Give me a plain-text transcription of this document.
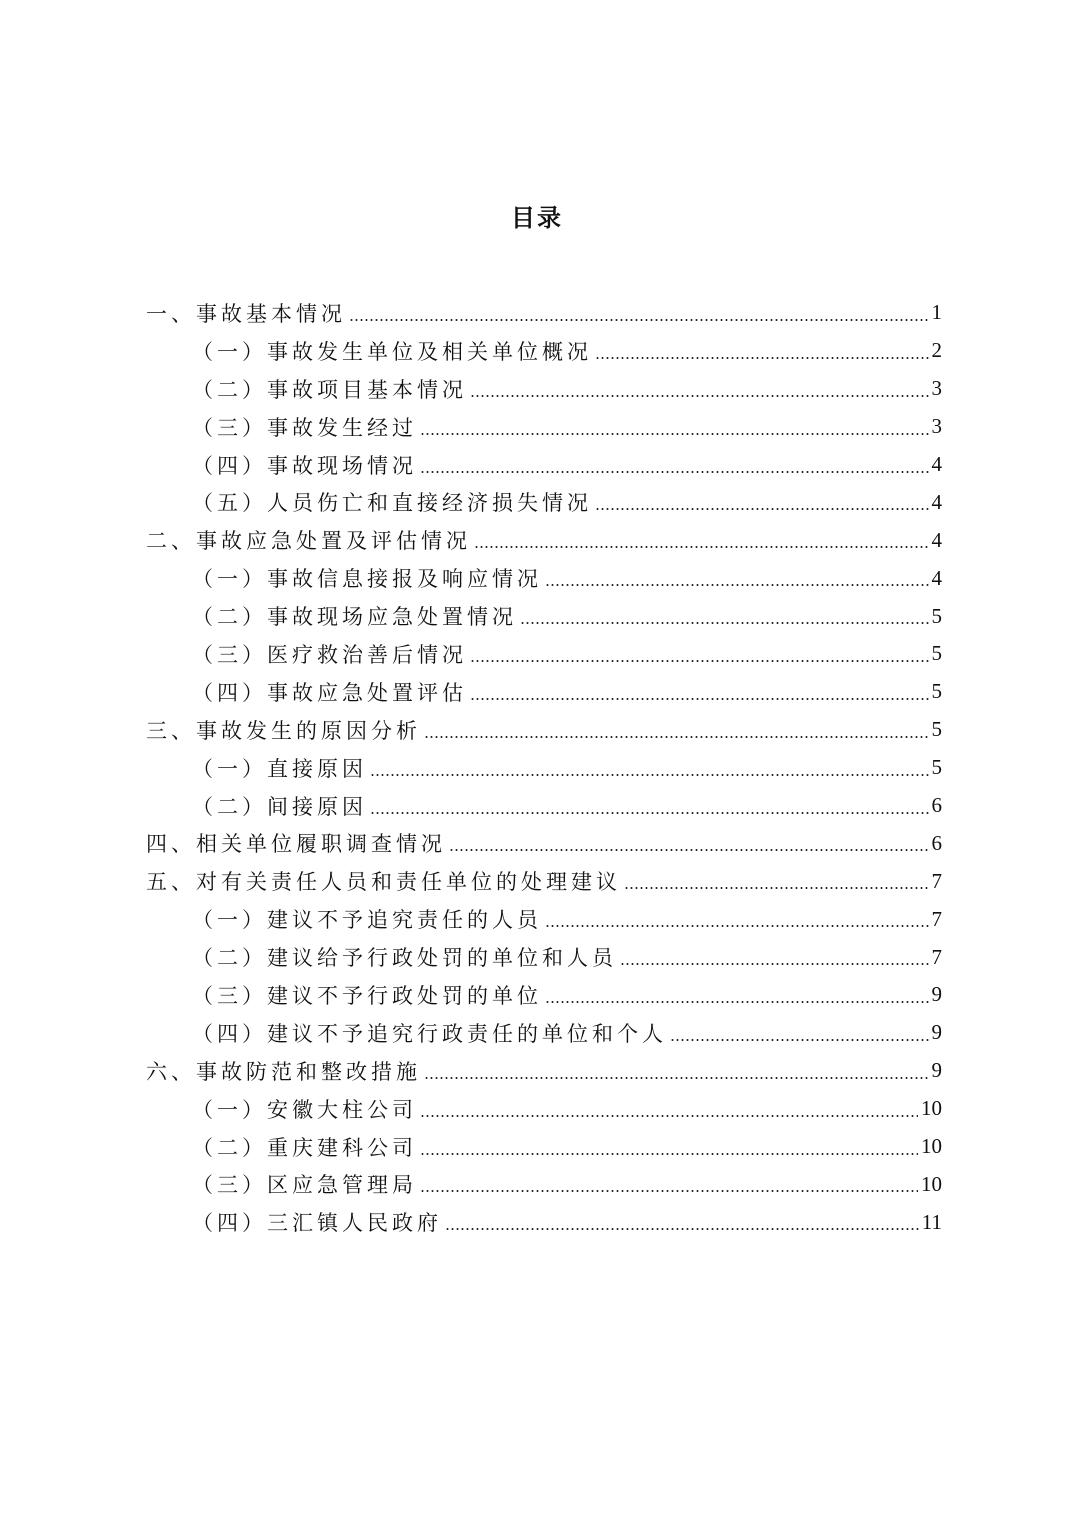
目录
一、事故基本情况	1
（一）事故发生单位及相关单位概况	2
（二）事故项目基本情况	3
（三）事故发生经过	3
（四）事故现场情况	4
（五）人员伤亡和直接经济损失情况	4
二、事故应急处置及评估情况	4
（一）事故信息接报及响应情况	4
（二）事故现场应急处置情况	5
（三）医疗救治善后情况	5
（四）事故应急处置评估	5
三、事故发生的原因分析	5
（一）直接原因	5
（二）间接原因	6
四、相关单位履职调查情况	6
五、对有关责任人员和责任单位的处理建议	7
（一）建议不予追究责任的人员	7
（二）建议给予行政处罚的单位和人员	7
（三）建议不予行政处罚的单位	9
（四）建议不予追究行政责任的单位和个人	9
六、事故防范和整改措施	9
（一）安徽大柱公司	10
（二）重庆建科公司	10
（三）区应急管理局	10
（四）三汇镇人民政府	11
